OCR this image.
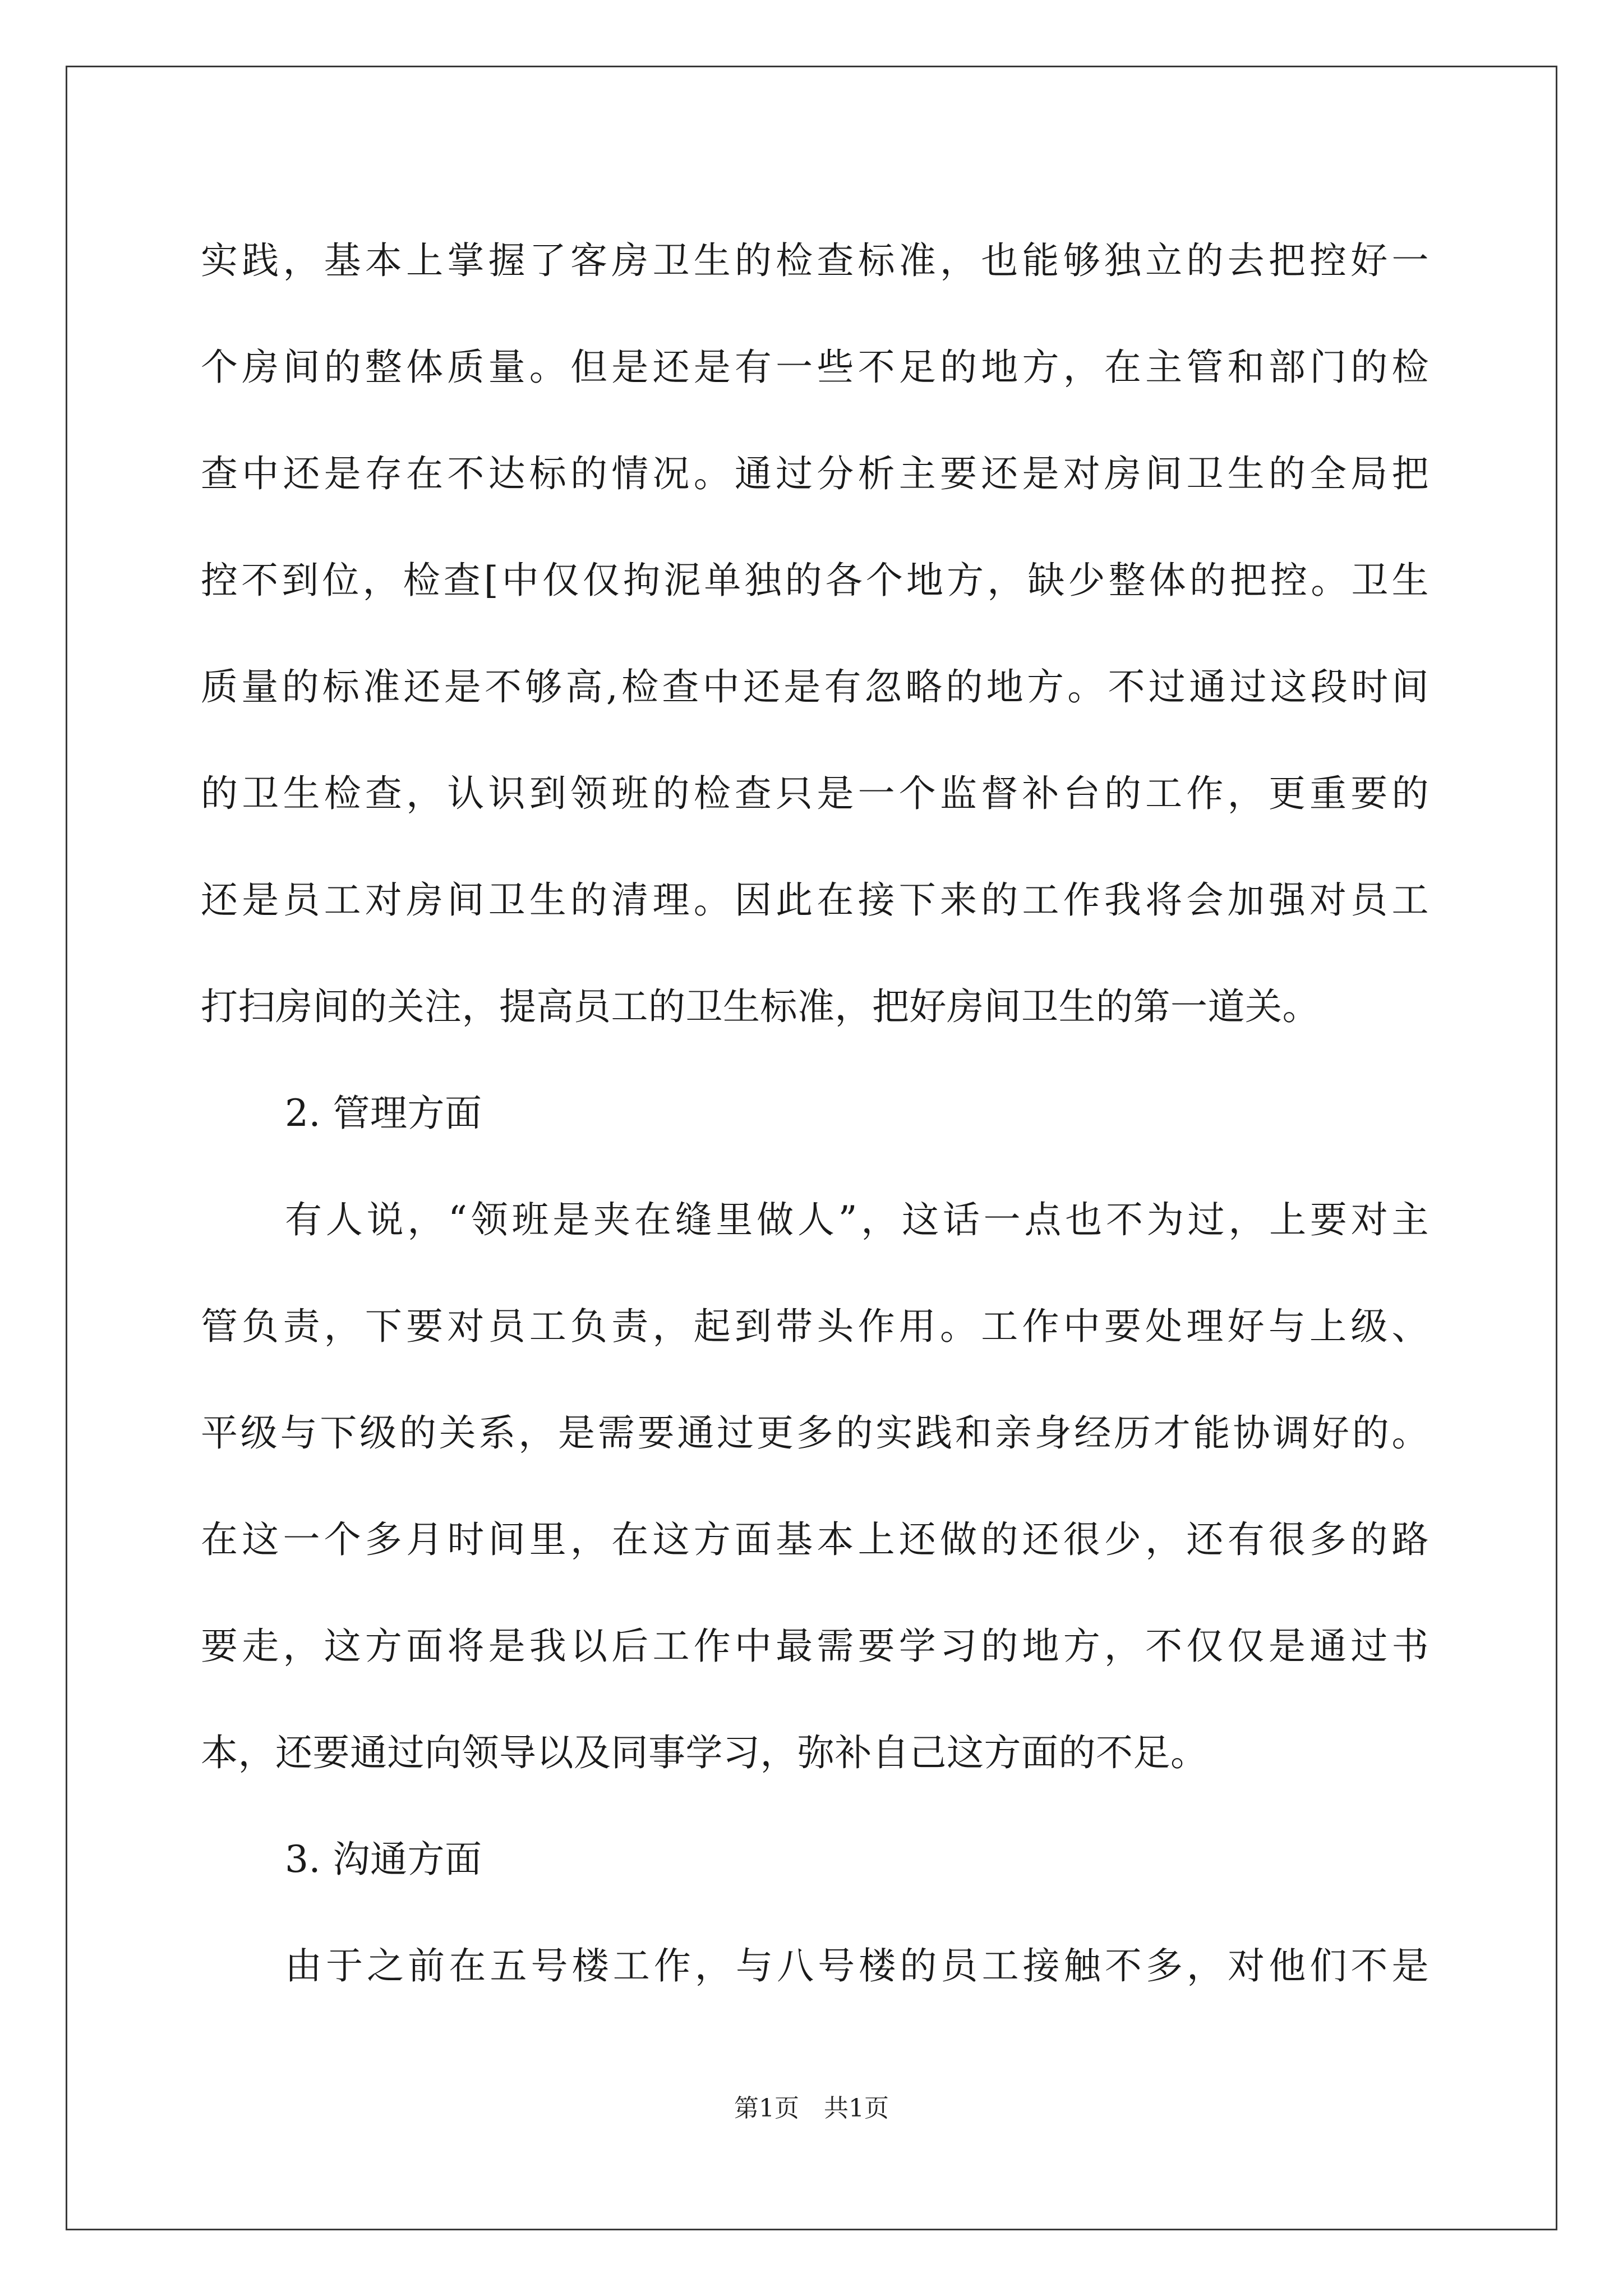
实践，基本上掌握了客房卫生的检查标准，也能够独立的去把控好一
个房间的整体质量。但是还是有一些不足的地方，在主管和部门的检
查中还是存在不达标的情况。通过分析主要还是对房间卫生的全局把
控不到位，检查[中仅仅拘泥单独的各个地方，缺少整体的把控。卫生
质量的标准还是不够高,检查中还是有忽略的地方。不过通过这段时间
的卫生检查，认识到领班的检查只是一个监督补台的工作，更重要的
还是员工对房间卫生的清理。因此在接下来的工作我将会加强对员工
打扫房间的关注，提高员工的卫生标准，把好房间卫生的第一道关。
2. 管理方面
有人说，“领班是夹在缝里做人”，这话一点也不为过，上要对主
管负责，下要对员工负责，起到带头作用。工作中要处理好与上级、
平级与下级的关系，是需要通过更多的实践和亲身经历才能协调好的。
在这一个多月时间里，在这方面基本上还做的还很少，还有很多的路
要走，这方面将是我以后工作中最需要学习的地方，不仅仅是通过书
本，还要通过向领导以及同事学习，弥补自己这方面的不足。
3. 沟通方面
由于之前在五号楼工作，与八号楼的员工接触不多，对他们不是
第1页　共1页
